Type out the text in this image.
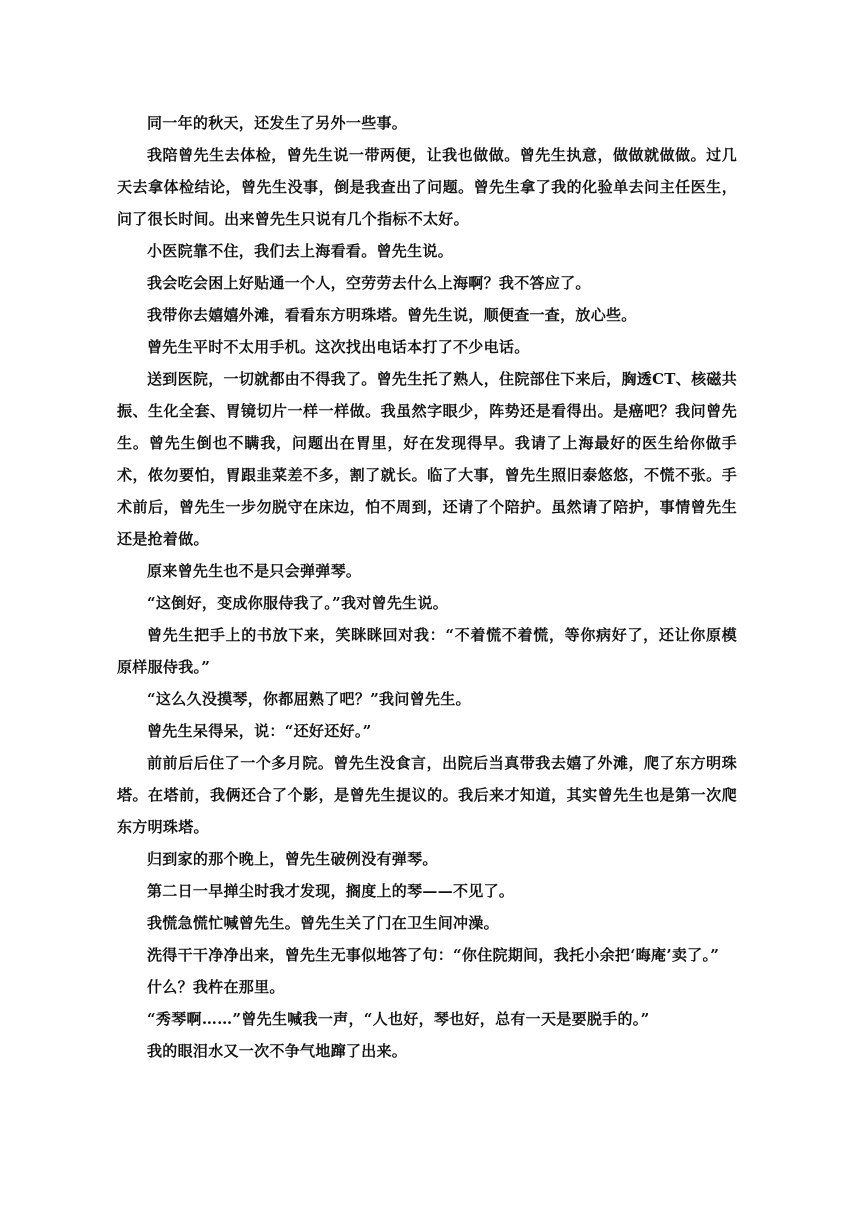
同一年的秋天，还发生了另外一些事。

我陪曾先生去体检，曾先生说一带两便，让我也做做。曾先生执意，做做就做做。过几天去拿体检结论，曾先生没事，倒是我查出了问题。曾先生拿了我的化验单去问主任医生，问了很长时间。出来曾先生只说有几个指标不太好。

小医院靠不住，我们去上海看看。曾先生说。

我会吃会困上好贴通一个人，空劳劳去什么上海啊？我不答应了。

我带你去嬉嬉外滩，看看东方明珠塔。曾先生说，顺便查一查，放心些。

曾先生平时不太用手机。这次找出电话本打了不少电话。

送到医院，一切就都由不得我了。曾先生托了熟人，住院部住下来后，胸透CT、核磁共振、生化全套、胃镜切片一样一样做。我虽然字眼少，阵势还是看得出。是癌吧？我问曾先生。曾先生倒也不瞒我，问题出在胃里，好在发现得早。我请了上海最好的医生给你做手术，侬勿要怕，胃跟韭菜差不多，割了就长。临了大事，曾先生照旧泰悠悠，不慌不张。手术前后，曾先生一步勿脱守在床边，怕不周到，还请了个陪护。虽然请了陪护，事情曾先生还是抢着做。

原来曾先生也不是只会弹弹琴。

“这倒好，变成你服侍我了。”我对曾先生说。

曾先生把手上的书放下来，笑眯眯回对我：“不着慌不着慌，等你病好了，还让你原模原样服侍我。”

“这么久没摸琴，你都屈熟了吧？”我问曾先生。

曾先生呆得呆，说：“还好还好。”

前前后后住了一个多月院。曾先生没食言，出院后当真带我去嬉了外滩，爬了东方明珠塔。在塔前，我俩还合了个影，是曾先生提议的。我后来才知道，其实曾先生也是第一次爬东方明珠塔。

归到家的那个晚上，曾先生破例没有弹琴。

第二日一早掸尘时我才发现，搁度上的琴——不见了。

我慌急慌忙喊曾先生。曾先生关了门在卫生间冲澡。

洗得干干净净出来，曾先生无事似地答了句：“你住院期间，我托小余把‘晦庵’卖了。”

什么？我杵在那里。

“秀琴啊……”曾先生喊我一声，“人也好，琴也好，总有一天是要脱手的。”

我的眼泪水又一次不争气地蹿了出来。
